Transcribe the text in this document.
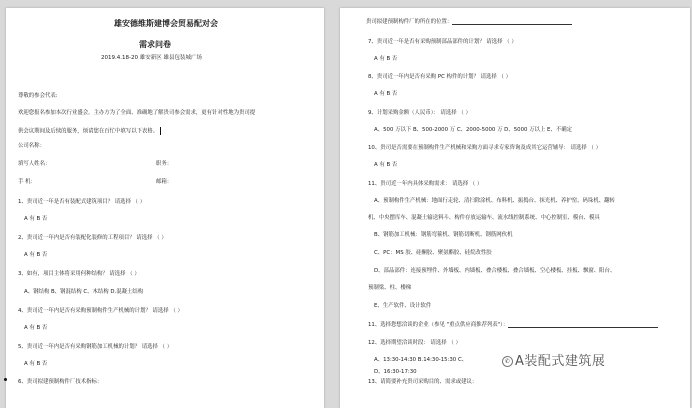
雄安德维斯建博会贸易配对会
需求问卷
2019.4.18-20 雄安新区 雄县包装城广场
尊敬的参会代表:
欢迎您报名参加本次行业盛会。主办方为了全面、准确地了解贵司参会需求，更有针对性地为贵司提
供会议期间及后续的服务，烦请您在百忙中填写以下表格。
公司名称：
填写人姓名：	职务：
手 机：	邮箱：
1、贵司近一年是否有装配式建筑项目？ 请选择 （ ）
A 有 B 否
2、贵司近一年内是否有装配化装修的工程项目？ 请选择 （ ）
A 有 B 否
3、如有，项目主体将采用何种结构？ 请选择 （ ）
A、钢结构 B、钢混结构 C、木结构 D.混凝土结构
4、贵司近一年内是否有采购预制构件生产机械的计划？ 请选择 （ ）
A 有 B 否
5、贵司近一年内是否有采购钢筋加工机械的计划？ 请选择 （ ）
A 有 B 否
6、贵司拟建预制构件厂技术指标：
贵司拟建预制构件厂的所在的位置：
7、贵司近一年是否有采购预制部品部件的计划？ 请选择 （ ）
A 有 B 否
8、贵司近一年内是否有采购 PC 构件的计划？ 请选择 （ ）
A 有 B 否
9、计划采购金额（人民币）： 请选择 （ ）
A、500 万以下 B、500-2000 万 C、2000-5000 万 D、5000 万以上 E、不确定
10、贵司是否需要在预制构件生产机械和采购方面寻求专家咨询及成其它运营辅导： 请选择 （ ）
A 有 B 否
11、贵司近一年内具体采购需求： 请选择 （ ）
A、预制构件生产机械：地面行走轮、清扫除涂机、布料机、振捣台、抹光机、养护窑、码垛机、翻转
机、中央摆库车、混凝土输送料斗、构件存放运输车、流水线控制系统、中心控制室、模台、模具
B、钢筋加工机械：钢筋弯箍机、钢筋切断机、钢筋网伙机
C、PC：MS 胶、硅酮胶、聚氨酯胶、硅烷改性胶
D、部品部件：连接预埋件、外墙板、内墙板、叠合楼板、叠合墙板、空心楼板、挂板、飘窗、阳台、
预制梁、柱、楼梯
E、生产软件、设计软件
11、选择您想洽谈的企业（参见 "重点供应商推荐列表"）：
12、选择期望洽谈时段： 请选择 （ ）
A、13:30-14:30 B.14:30-15:30 C、
D、16:30-17:30
13、请简要补充贵司采购目的、需求或建议：
✆ A装配式建筑展
